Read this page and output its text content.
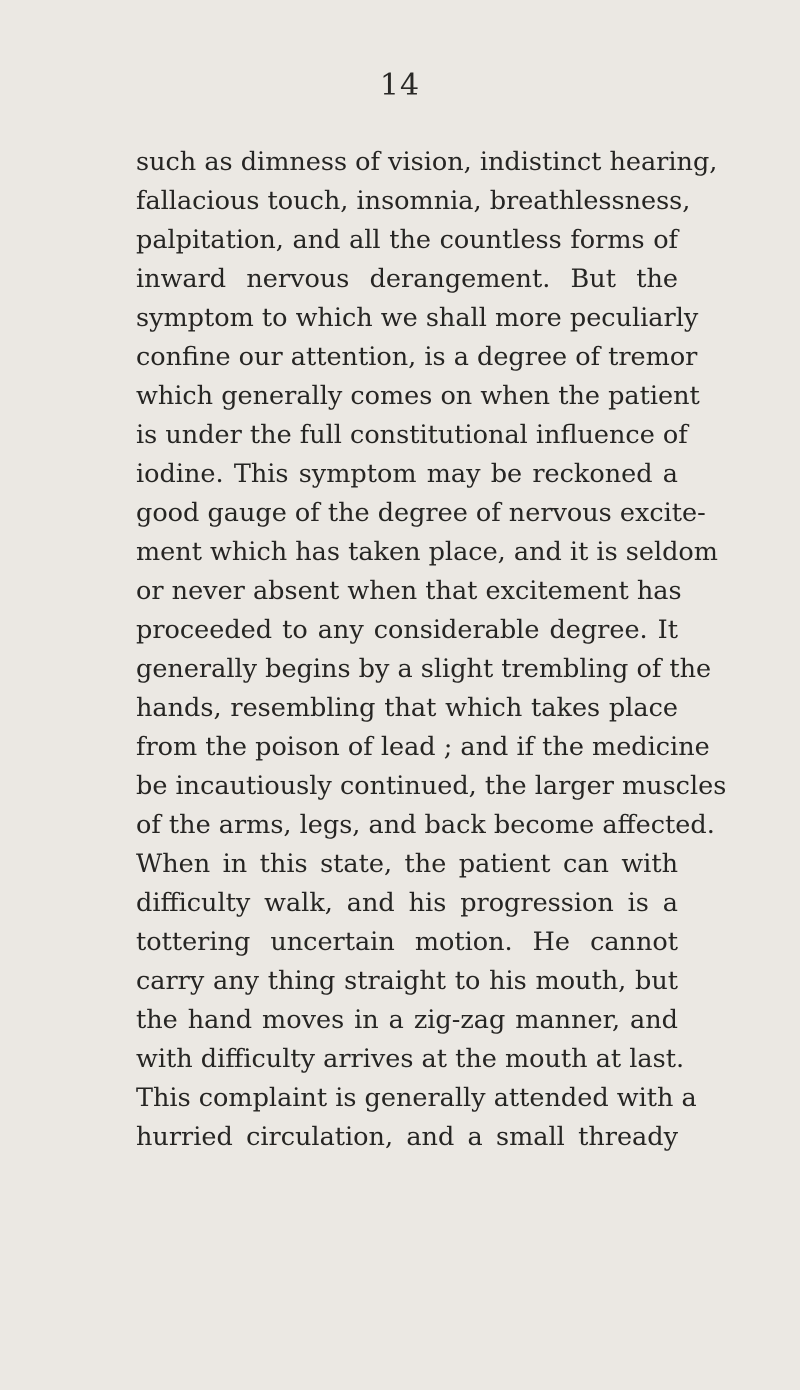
14
such as dimness of vision, indistinct hearing,
fallacious touch, insomnia, breathlessness,
palpitation, and all the countless forms of
inward nervous derangement. But the
symptom to which we shall more peculiarly
confine our attention, is a degree of tremor
which generally comes on when the patient
is under the full constitutional influence of
iodine. This symptom may be reckoned a
good gauge of the degree of nervous excite-
ment which has taken place, and it is seldom
or never absent when that excitement has
proceeded to any considerable degree. It
generally begins by a slight trembling of the
hands, resembling that which takes place
from the poison of lead ; and if the medicine
be incautiously continued, the larger muscles
of the arms, legs, and back become affected.
When in this state, the patient can with
difficulty walk, and his progression is a
tottering uncertain motion. He cannot
carry any thing straight to his mouth, but
the hand moves in a zig-zag manner, and
with difficulty arrives at the mouth at last.
This complaint is generally attended with a
hurried circulation, and a small thready
